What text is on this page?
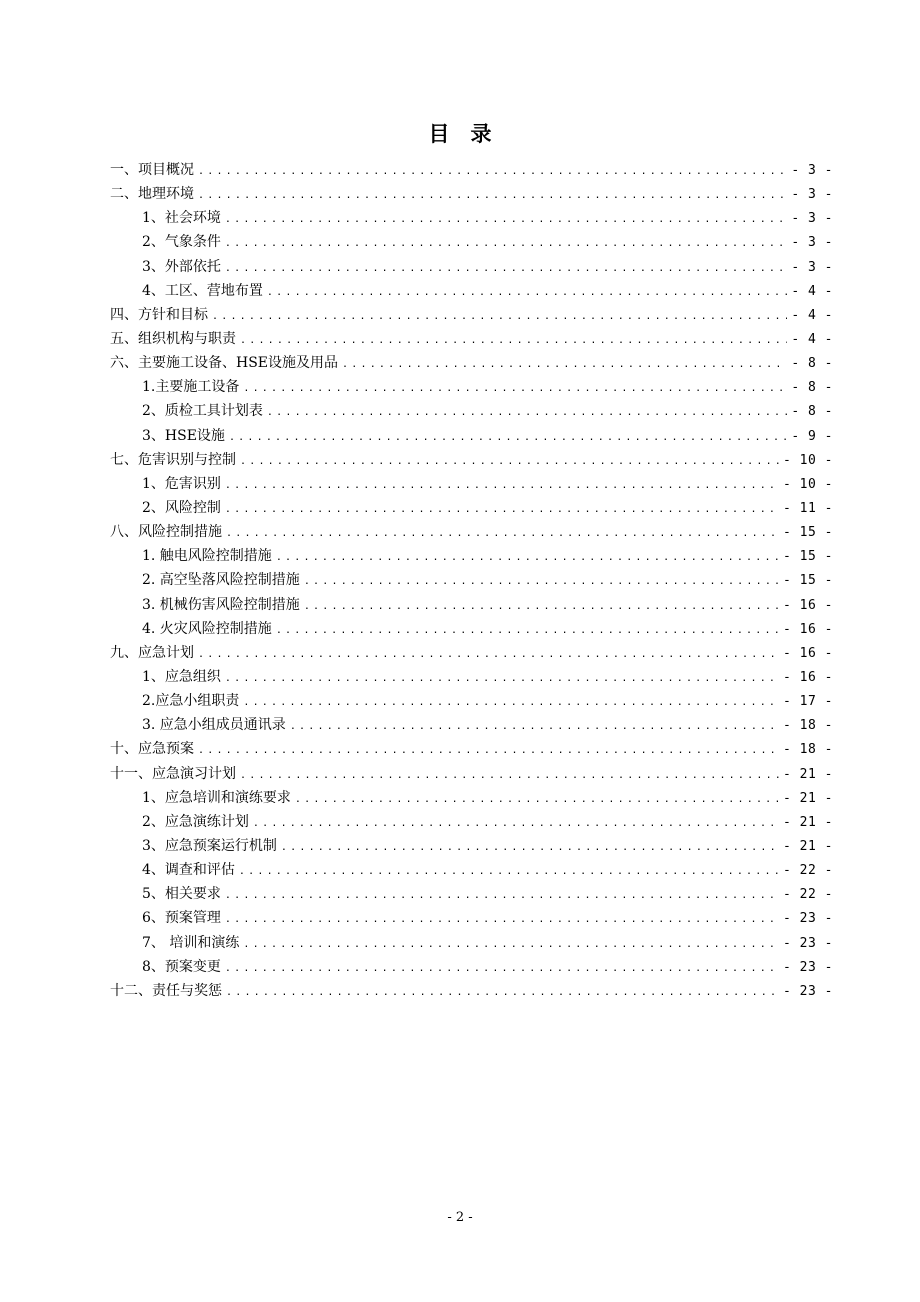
目　录
一、项目概况 .....	- 3 -
二、地理环境 .....	- 3 -
1、社会环境 .....	- 3 -
2、气象条件 .....	- 3 -
3、外部依托 .....	- 3 -
4、工区、营地布置 .....	- 4 -
四、方针和目标 .....	- 4 -
五、组织机构与职责 .....	- 4 -
六、主要施工设备、HSE设施及用品 .....	- 8 -
1.主要施工设备 .....	- 8 -
2、质检工具计划表 .....	- 8 -
3、HSE设施 .....	- 9 -
七、危害识别与控制 .....	- 10 -
1、危害识别 .....	- 10 -
2、风险控制 .....	- 11 -
八、风险控制措施 .....	- 15 -
1. 触电风险控制措施 .....	- 15 -
2. 高空坠落风险控制措施 .....	- 15 -
3. 机械伤害风险控制措施 .....	- 16 -
4. 火灾风险控制措施 .....	- 16 -
九、应急计划 .....	- 16 -
1、应急组织 .....	- 16 -
2.应急小组职责 .....	- 17 -
3. 应急小组成员通讯录 .....	- 18 -
十、应急预案 .....	- 18 -
十一、应急演习计划 .....	- 21 -
1、应急培训和演练要求 .....	- 21 -
2、应急演练计划 .....	- 21 -
3、应急预案运行机制 .....	- 21 -
4、调查和评估 .....	- 22 -
5、相关要求 .....	- 22 -
6、预案管理 .....	- 23 -
7、 培训和演练 .....	- 23 -
8、预案变更 .....	- 23 -
十二、责任与奖惩 .....	- 23 -
- 2 -
